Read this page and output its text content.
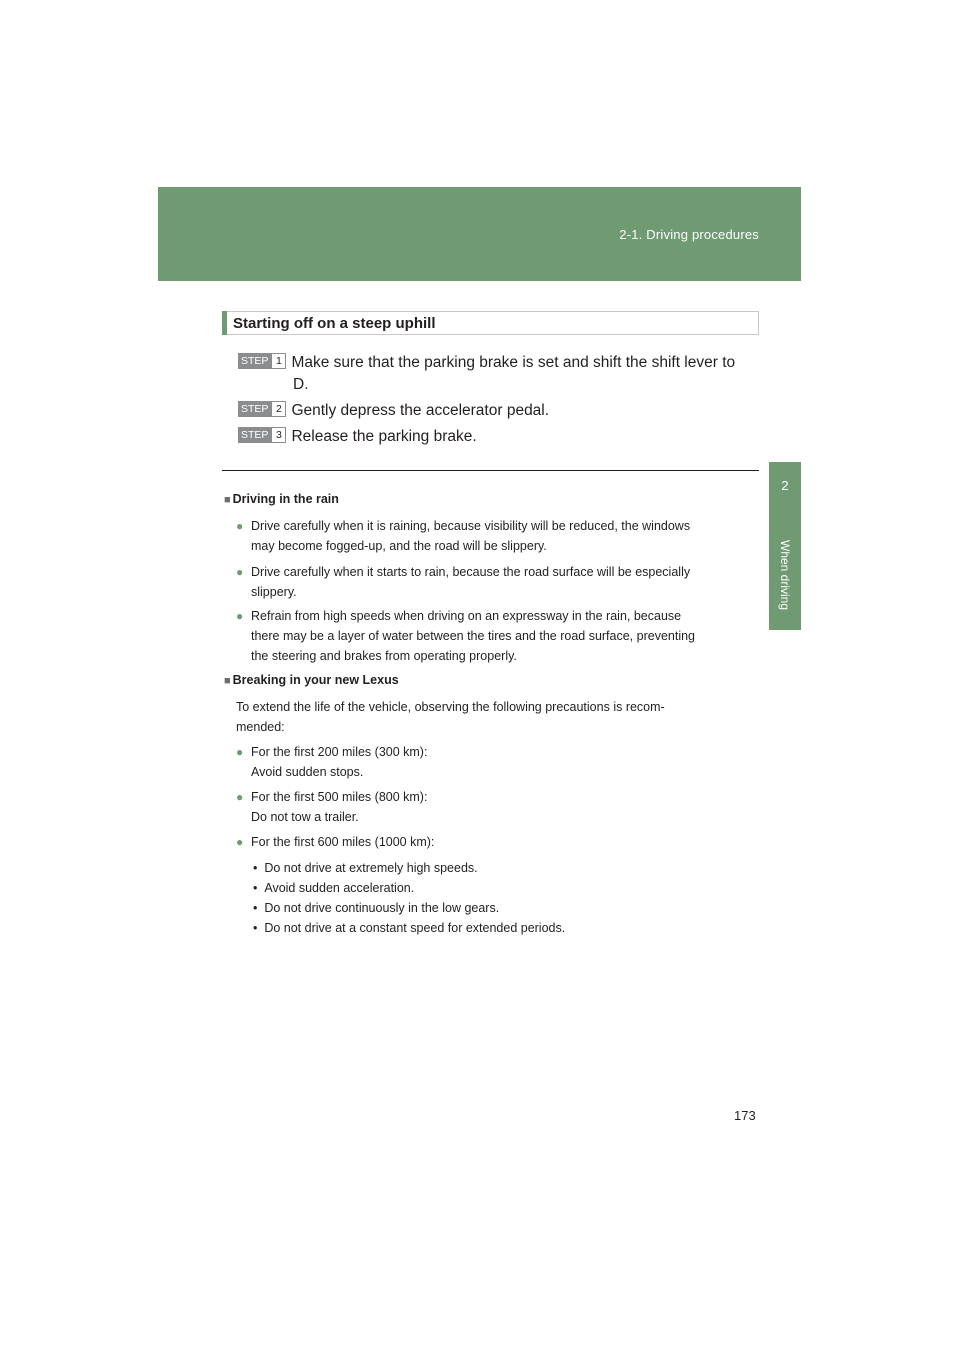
2-1. Driving procedures
2
When driving
Starting off on a steep uphill
STEP 1 Make sure that the parking brake is set and shift the shift lever to
D.
STEP 2 Gently depress the accelerator pedal.
STEP 3 Release the parking brake.
■ Driving in the rain
● Drive carefully when it is raining, because visibility will be reduced, the windows
may become fogged-up, and the road will be slippery.
● Drive carefully when it starts to rain, because the road surface will be especially
slippery.
● Refrain from high speeds when driving on an expressway in the rain, because
there may be a layer of water between the tires and the road surface, preventing
the steering and brakes from operating properly.
■ Breaking in your new Lexus
To extend the life of the vehicle, observing the following precautions is recom-
mended:
● For the first 200 miles (300 km):
Avoid sudden stops.
● For the first 500 miles (800 km):
Do not tow a trailer.
● For the first 600 miles (1000 km):
•  Do not drive at extremely high speeds.
•  Avoid sudden acceleration.
•  Do not drive continuously in the low gears.
•  Do not drive at a constant speed for extended periods.
173
